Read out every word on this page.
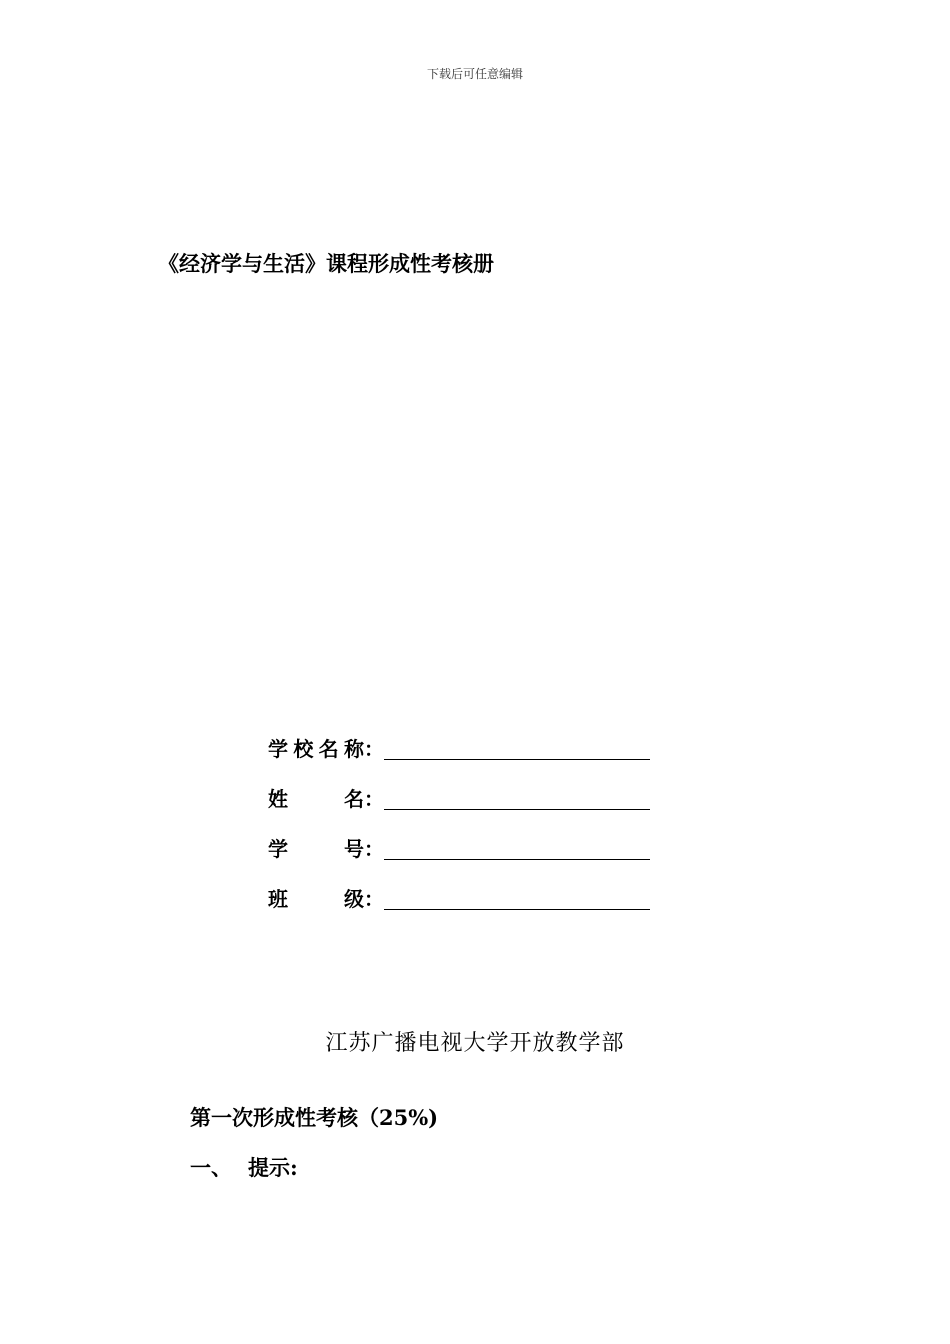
下载后可任意编辑
《经济学与生活》课程形成性考核册
学 校 名 称 ：
姓	名 ：
学	号 ：
班	级 ：
江苏广播电视大学开放教学部
第一次形成性考核（25%)
一、 提示:
